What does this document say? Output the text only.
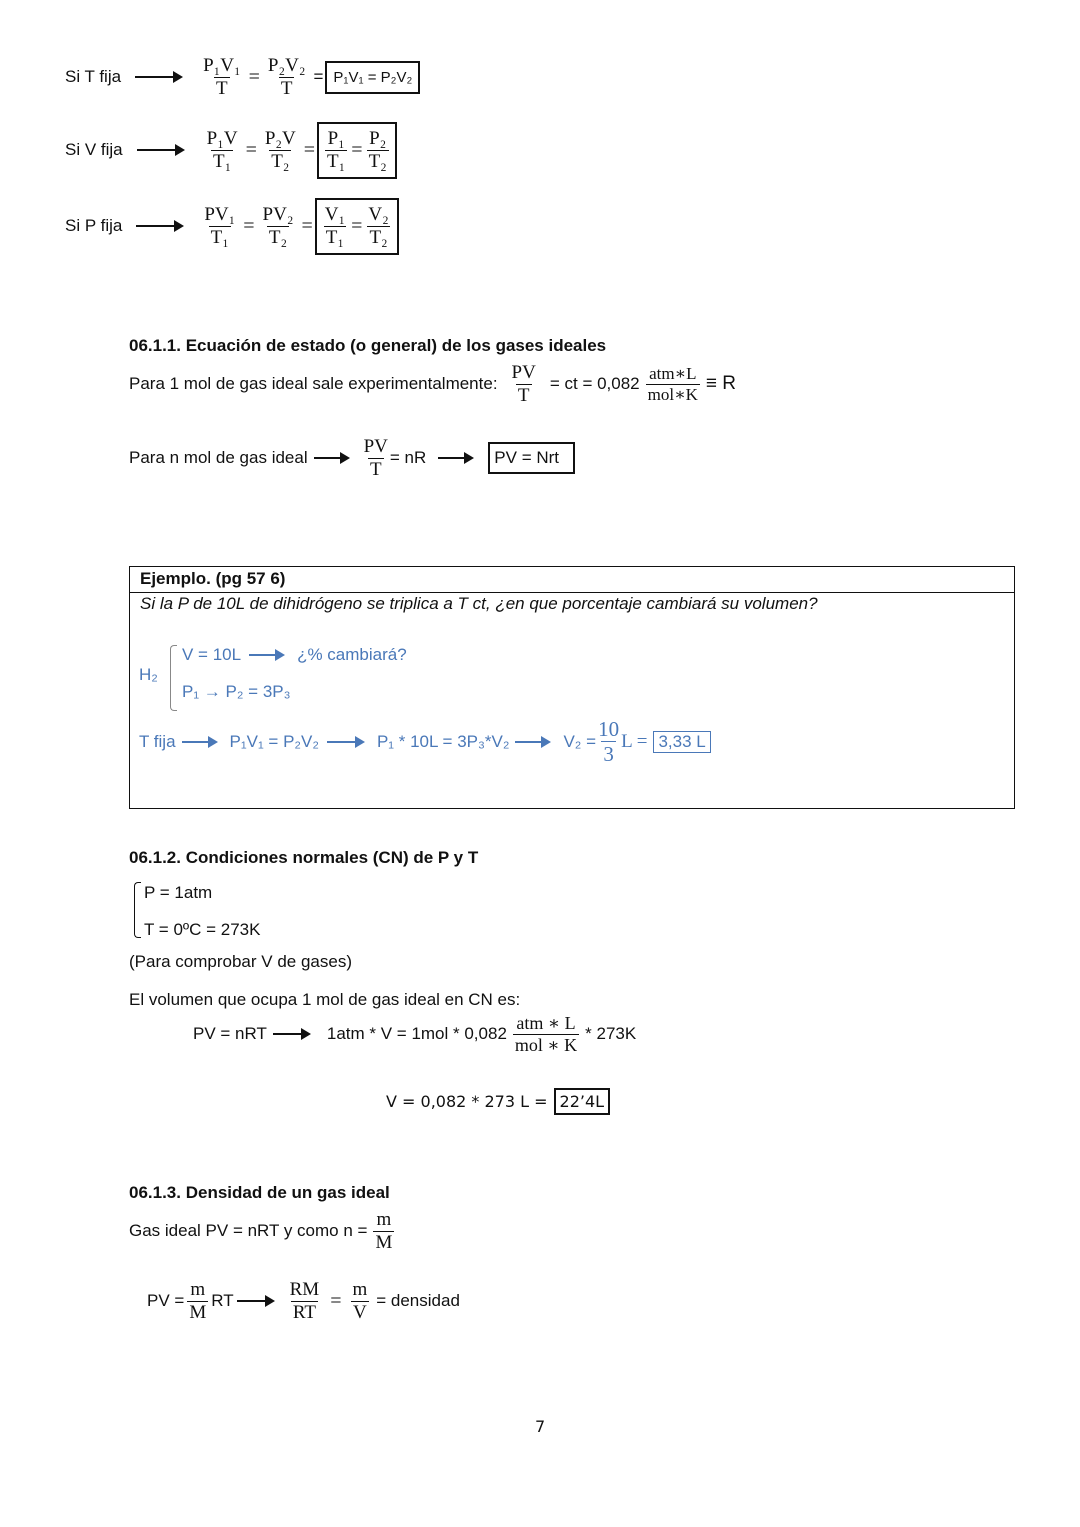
Si T fija	$\frac{\text{P₁V₁}}{T} = \frac{\text{P₂V₂}}{T} = P_1V_1 = P_2V_2$
Si V fija	$\frac{\text{P₁V}}{\text{T₁}} = \frac{\text{P₂V}}{\text{T₂}} = \frac{\text{P₁}}{\text{T₁}} = \frac{\text{P₂}}{\text{T₂}}$
Si P fija	$\frac{\text{PV₁}}{\text{T₁}} = \frac{\text{PV₂}}{\text{T₂}} = \frac{\text{V₁}}{\text{T₁}} = \frac{\text{V₂}}{\text{T₂}}$
06.1.1. Ecuación de estado (o general) de los gases ideales
Para 1 mol de gas ideal sale experimentalmente: $\frac{PV}{T}$ = ct = $0,082 \frac{\text{atm∗L}}{\text{mol∗K}} \equiv R$
Para n mol de gas ideal	$\frac{PV}{T}$ = nR	PV = Nrt
Ejemplo. (pg 57 6)
Si la P de 10L de dihidrógeno se triplica a T ct, ¿en que porcentaje cambiará su volumen?
H₂
V = 10L	¿% cambiará?
P₁ → P₂ = 3P₃
T fija	P₁V₁ = P₂V₂	P₁ * 10L = 3P₃*V₂	$V_2 = \frac{10}{3}$ L = 3,33 L
06.1.2. Condiciones normales (CN) de P y T
P = 1atm
T = 0ºC = 273K
(Para comprobar V de gases)
El volumen que ocupa 1 mol de gas ideal en CN es:
PV = nRT	$1atm * V = 1mol * 0,082 \frac{\text{atm ∗ L}}{\text{mol ∗ K}} * 273K$
V = 0,082 * 273 L = 22’4L
06.1.3. Densidad de un gas ideal
Gas ideal PV = nRT y como $n = \frac{m}{M}$
PV = $\frac{m}{M}$ RT	$\frac{RM}{RT} = \frac{m}{V}$ = densidad
7
